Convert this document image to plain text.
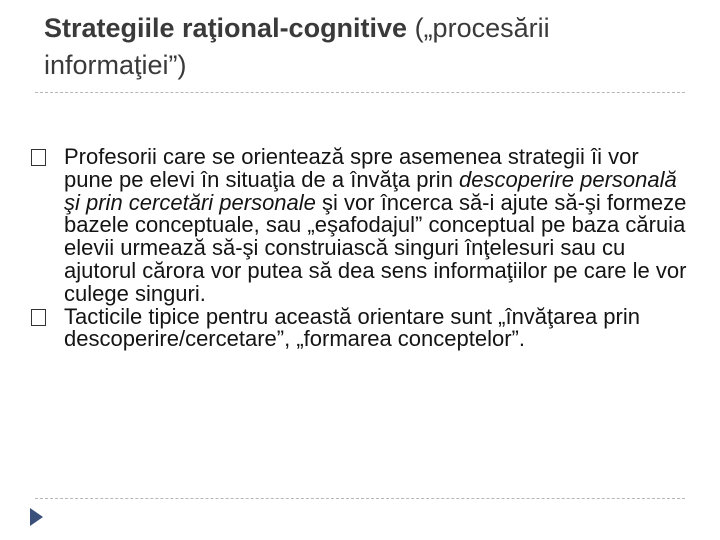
Strategiile raţional-cognitive („procesării informaţiei”)

Profesorii care se orientează spre asemenea strategii îi vor pune pe elevi în situaţia de a învăţa prin descoperire personală şi prin cercetări personale şi vor încerca să-i ajute să-şi formeze bazele conceptuale, sau „eşafodajul” conceptual pe baza căruia elevii urmează să-şi construiască singuri înţelesuri sau cu ajutorul cărora vor putea să dea sens informaţiilor pe care le vor culege singuri.

Tacticile tipice pentru această orientare sunt „învăţarea prin descoperire/cercetare”, „formarea conceptelor”.
